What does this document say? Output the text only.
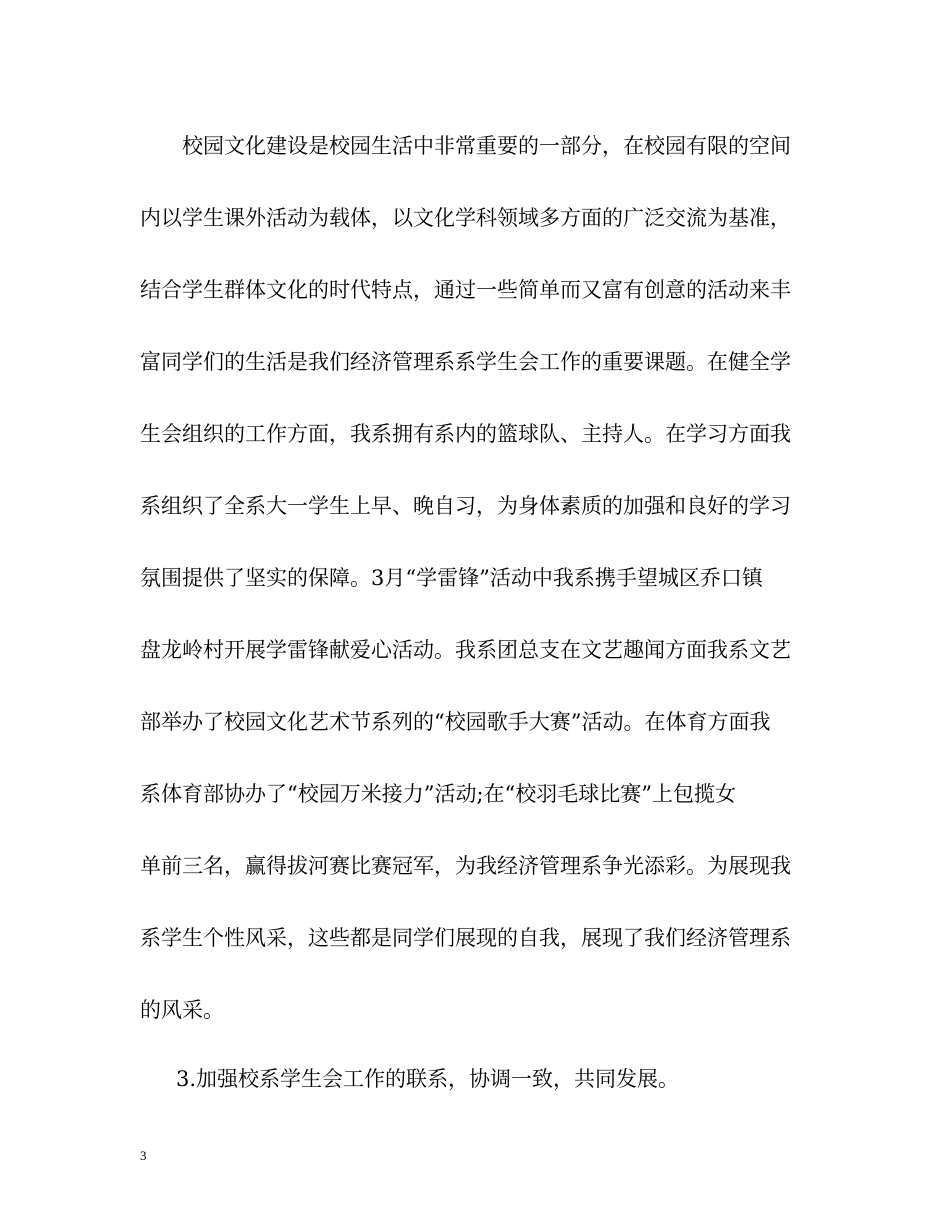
校园文化建设是校园生活中非常重要的一部分，在校园有限的空间
内以学生课外活动为载体，以文化学科领域多方面的广泛交流为基准，
结合学生群体文化的时代特点，通过一些简单而又富有创意的活动来丰
富同学们的生活是我们经济管理系系学生会工作的重要课题。在健全学
生会组织的工作方面，我系拥有系内的篮球队、主持人。在学习方面我
系组织了全系大一学生上早、晚自习，为身体素质的加强和良好的学习
氛围提供了坚实的保障。3月“学雷锋”活动中我系携手望城区乔口镇
盘龙岭村开展学雷锋献爱心活动。我系团总支在文艺趣闻方面我系文艺
部举办了校园文化艺术节系列的“校园歌手大赛”活动。在体育方面我
系体育部协办了“校园万米接力”活动;在“校羽毛球比赛”上包揽女
单前三名，赢得拔河赛比赛冠军，为我经济管理系争光添彩。为展现我
系学生个性风采，这些都是同学们展现的自我，展现了我们经济管理系
的风采。
3.加强校系学生会工作的联系，协调一致，共同发展。
3
